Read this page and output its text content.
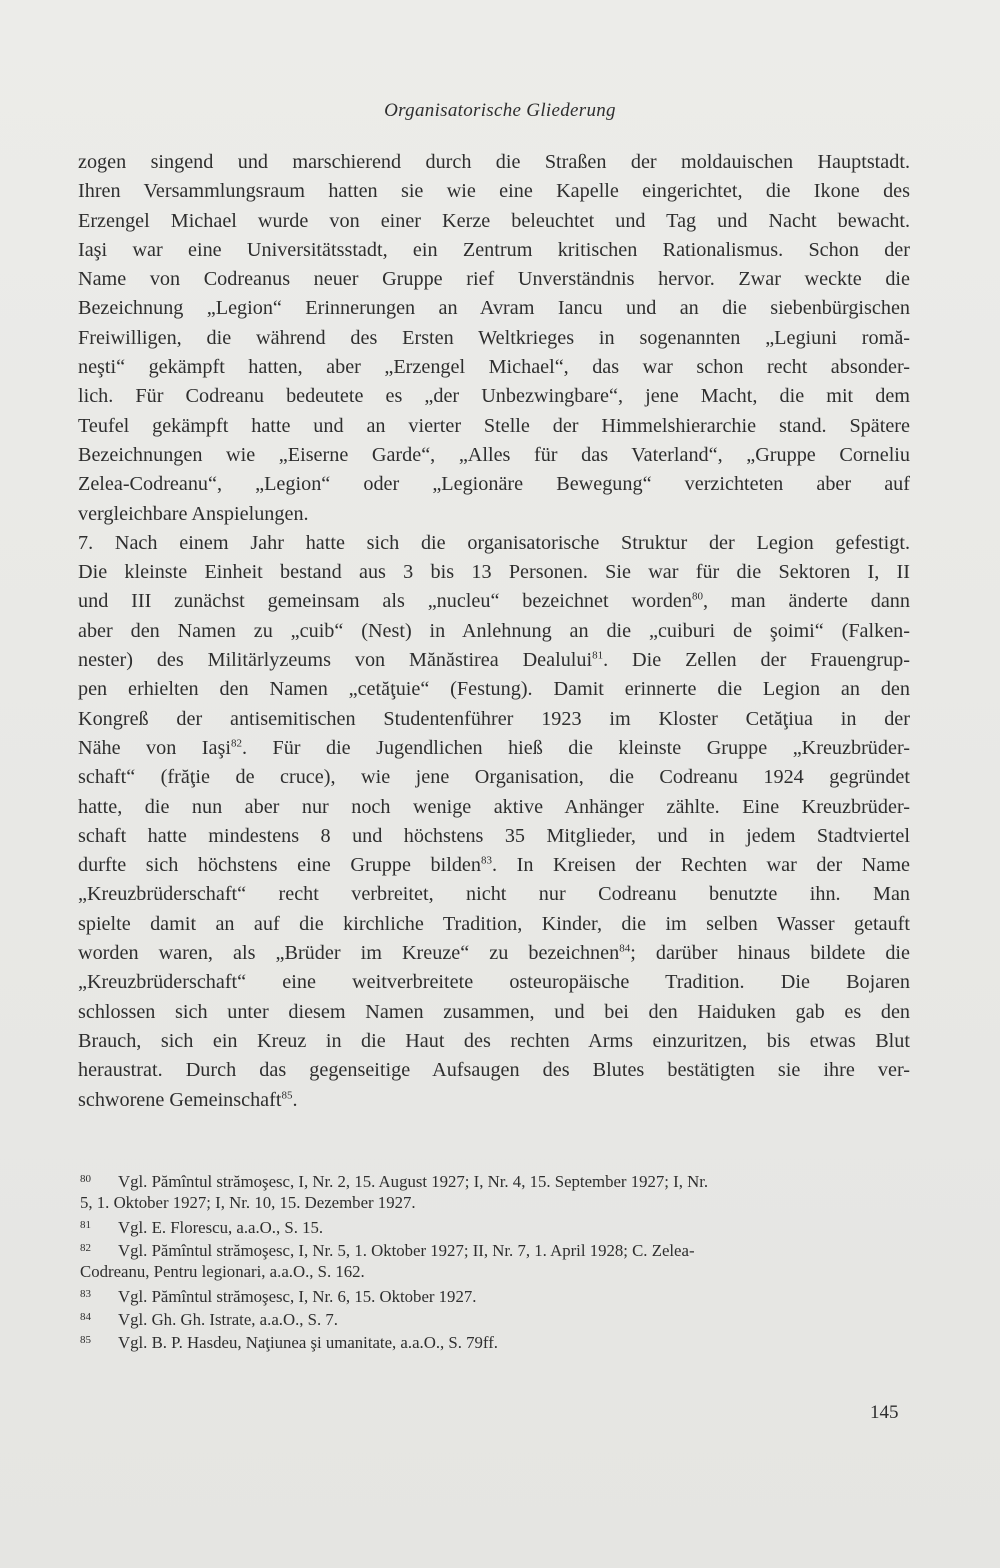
Organisatorische Gliederung
zogen singend und marschierend durch die Straßen der moldauischen Hauptstadt.
Ihren Versammlungsraum hatten sie wie eine Kapelle eingerichtet, die Ikone des
Erzengel Michael wurde von einer Kerze beleuchtet und Tag und Nacht bewacht.
Iaşi war eine Universitätsstadt, ein Zentrum kritischen Rationalismus. Schon der
Name von Codreanus neuer Gruppe rief Unverständnis hervor. Zwar weckte die
Bezeichnung „Legion“ Erinnerungen an Avram Iancu und an die siebenbürgischen
Freiwilligen, die während des Ersten Weltkrieges in sogenannten „Legiuni romă-
neşti“ gekämpft hatten, aber „Erzengel Michael“, das war schon recht absonder-
lich. Für Codreanu bedeutete es „der Unbezwingbare“, jene Macht, die mit dem
Teufel gekämpft hatte und an vierter Stelle der Himmelshierarchie stand. Spätere
Bezeichnungen wie „Eiserne Garde“, „Alles für das Vaterland“, „Gruppe Corneliu
Zelea-Codreanu“, „Legion“ oder „Legionäre Bewegung“ verzichteten aber auf
vergleichbare Anspielungen.
7. Nach einem Jahr hatte sich die organisatorische Struktur der Legion gefestigt.
Die kleinste Einheit bestand aus 3 bis 13 Personen. Sie war für die Sektoren I, II
und III zunächst gemeinsam als „nucleu“ bezeichnet worden$^{80}$, man änderte dann
aber den Namen zu „cuib“ (Nest) in Anlehnung an die „cuiburi de şoimi“ (Falken-
nester) des Militärlyzeums von Mănăstirea Dealului$^{81}$. Die Zellen der Frauengrup-
pen erhielten den Namen „cetăţuie“ (Festung). Damit erinnerte die Legion an den
Kongreß der antisemitischen Studentenführer 1923 im Kloster Cetăţiua in der
Nähe von Iaşi$^{82}$. Für die Jugendlichen hieß die kleinste Gruppe „Kreuzbrüder-
schaft“ (frăţie de cruce), wie jene Organisation, die Codreanu 1924 gegründet
hatte, die nun aber nur noch wenige aktive Anhänger zählte. Eine Kreuzbrüder-
schaft hatte mindestens 8 und höchstens 35 Mitglieder, und in jedem Stadtviertel
durfte sich höchstens eine Gruppe bilden$^{83}$. In Kreisen der Rechten war der Name
„Kreuzbrüderschaft“ recht verbreitet, nicht nur Codreanu benutzte ihn. Man
spielte damit an auf die kirchliche Tradition, Kinder, die im selben Wasser getauft
worden waren, als „Brüder im Kreuze“ zu bezeichnen$^{84}$; darüber hinaus bildete die
„Kreuzbrüderschaft“ eine weitverbreitete osteuropäische Tradition. Die Bojaren
schlossen sich unter diesem Namen zusammen, und bei den Haiduken gab es den
Brauch, sich ein Kreuz in die Haut des rechten Arms einzuritzen, bis etwas Blut
heraustrat. Durch das gegenseitige Aufsaugen des Blutes bestätigten sie ihre ver-
schworene Gemeinschaft$^{85}$.
80 Vgl. Pămîntul strămoşesc, I, Nr. 2, 15. August 1927; I, Nr. 4, 15. September 1927; I, Nr.
5, 1. Oktober 1927; I, Nr. 10, 15. Dezember 1927.
81 Vgl. E. Florescu, a.a.O., S. 15.
82 Vgl. Pămîntul strămoşesc, I, Nr. 5, 1. Oktober 1927; II, Nr. 7, 1. April 1928; C. Zelea-
Codreanu, Pentru legionari, a.a.O., S. 162.
83 Vgl. Pămîntul strămoşesc, I, Nr. 6, 15. Oktober 1927.
84 Vgl. Gh. Gh. Istrate, a.a.O., S. 7.
85 Vgl. B. P. Hasdeu, Naţiunea şi umanitate, a.a.O., S. 79ff.
145
